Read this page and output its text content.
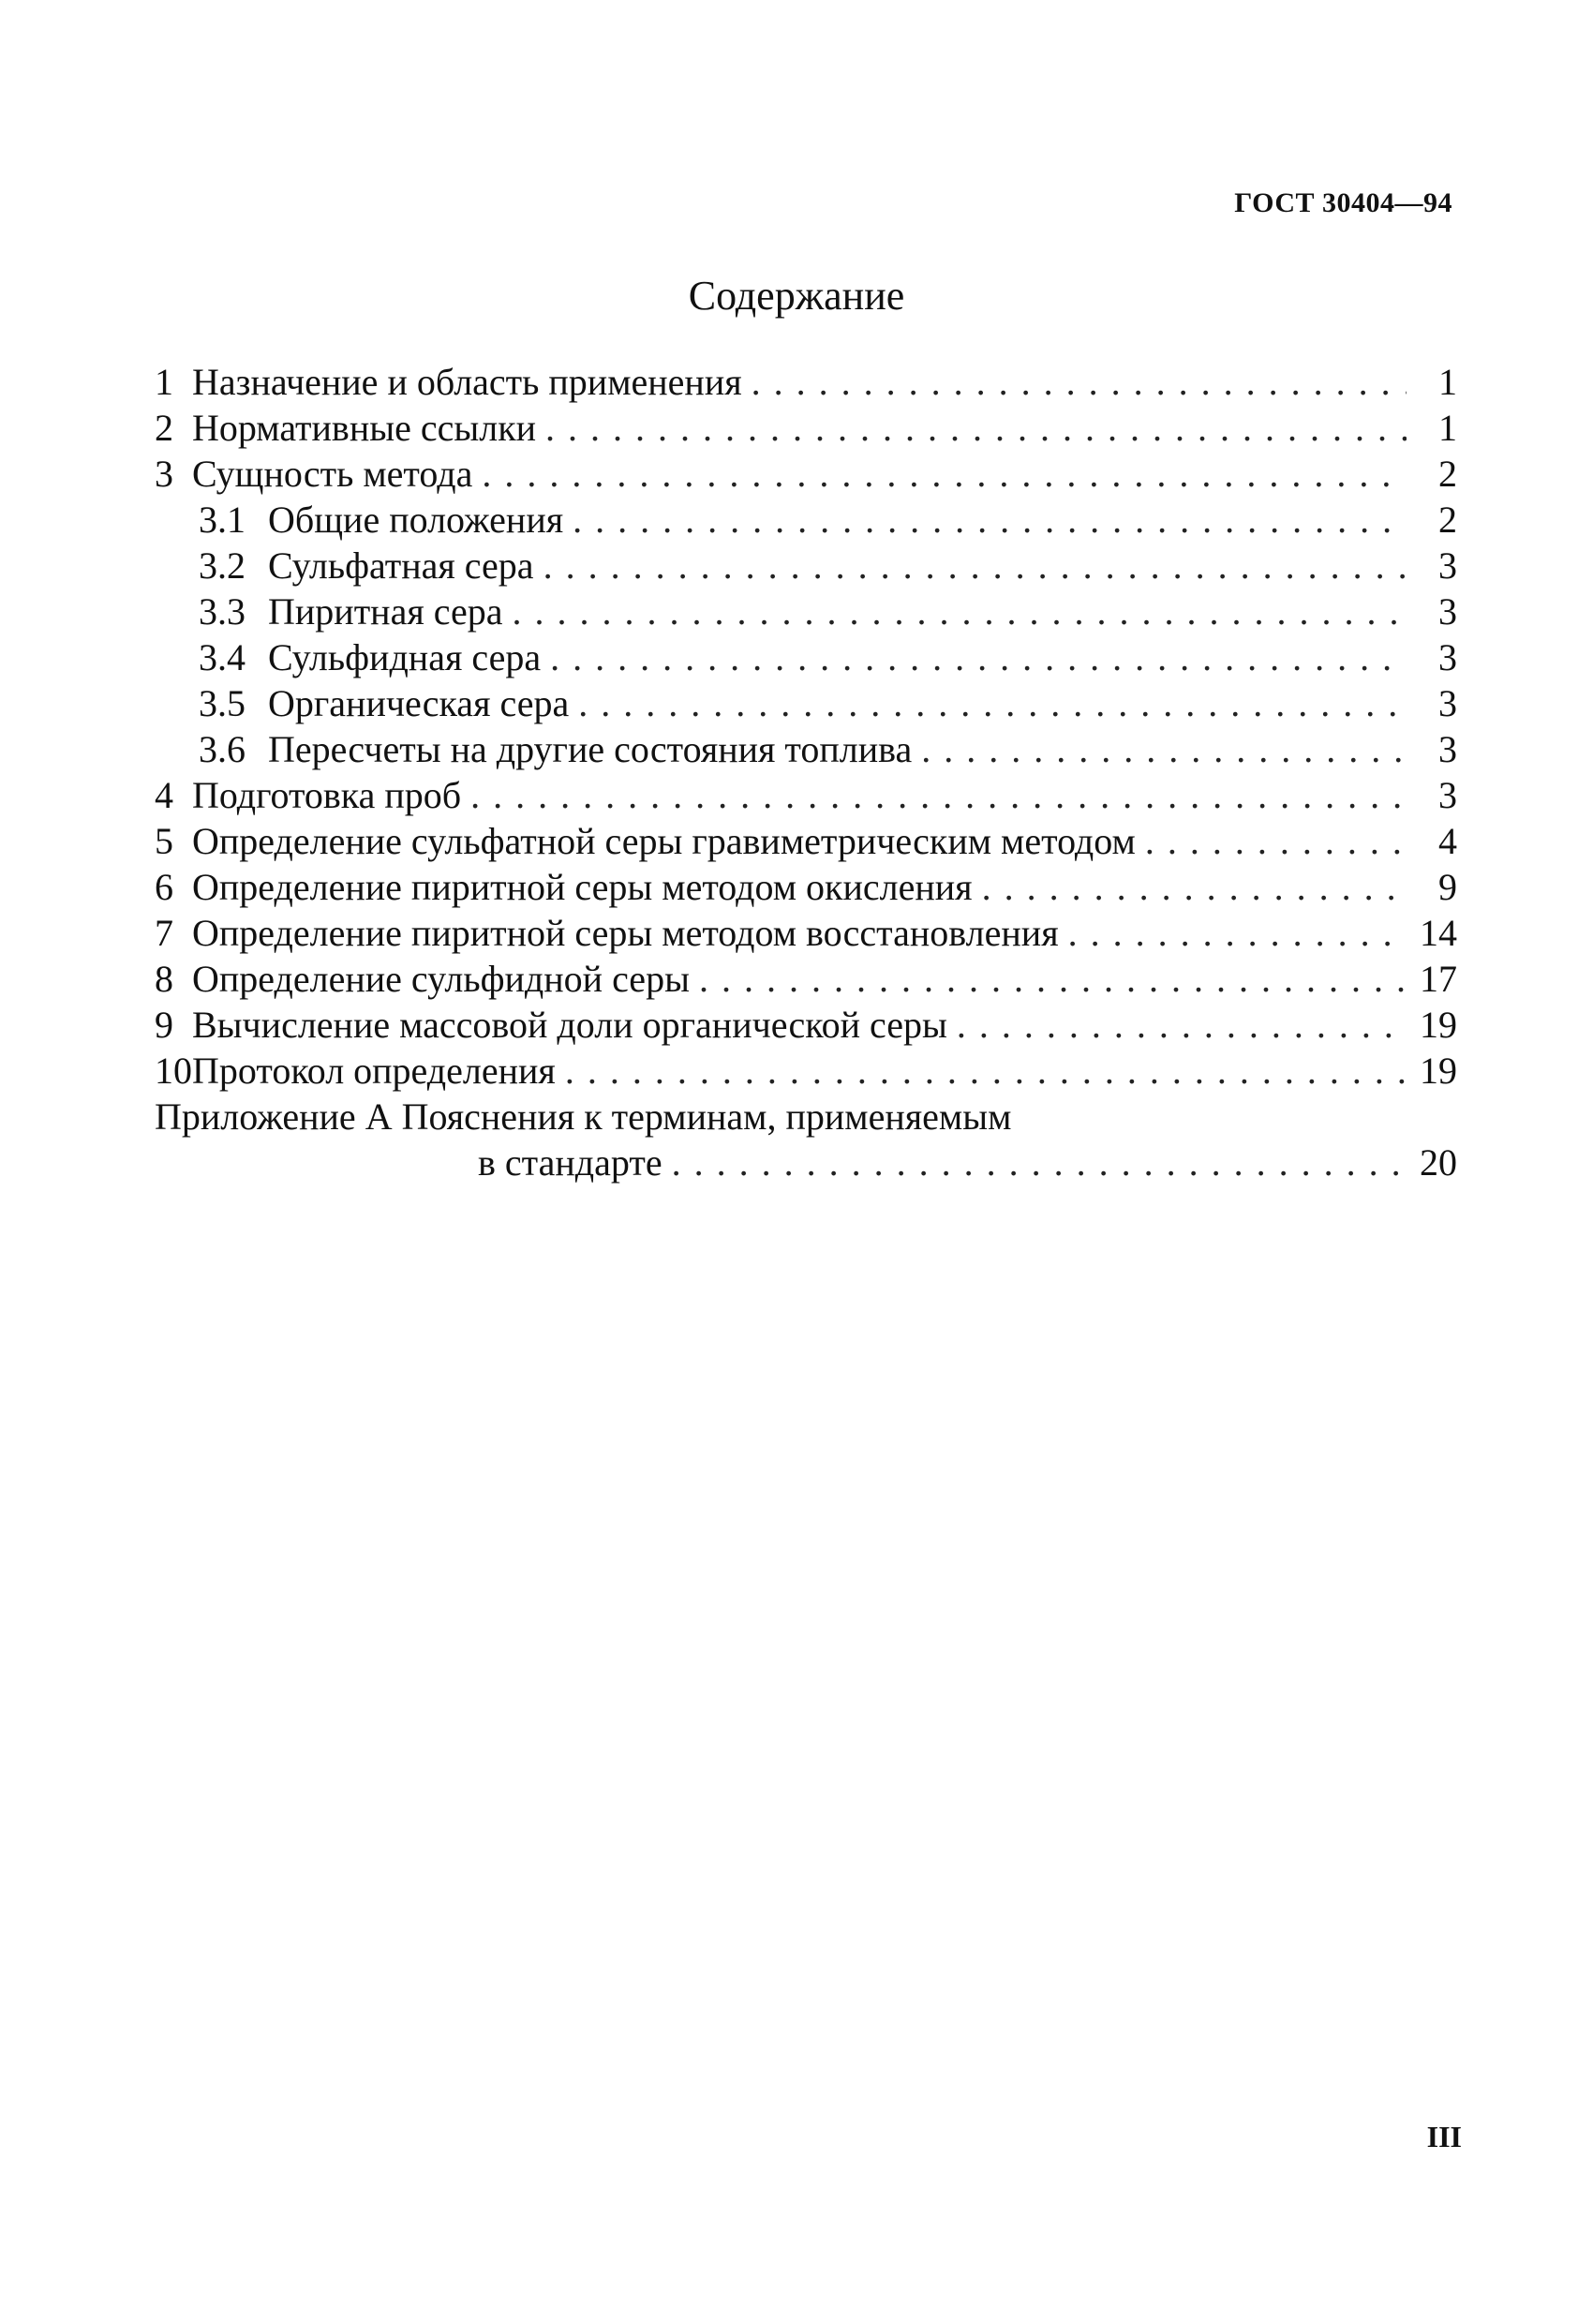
ГОСТ 30404—94
Содержание
1 Назначение и область применения . . .	1
2 Нормативные ссылки . . .	1
3 Сущность метода . . .	2
3.1 Общие положения . . .	2
3.2 Сульфатная сера . . .	3
3.3 Пиритная сера . . .	3
3.4 Сульфидная сера . . .	3
3.5 Органическая сера . . .	3
3.6 Пересчеты на другие состояния топлива . . .	3
4 Подготовка проб . . .	3
5 Определение сульфатной серы гравиметрическим методом . . .	4
6 Определение пиритной серы методом окисления . . .	9
7 Определение пиритной серы методом восстановления . . .	14
8 Определение сульфидной серы . . .	17
9 Вычисление массовой доли органической серы . . .	19
10 Протокол определения . . .	19
Приложение А Пояснения к терминам, применяемым
в стандарте . . .	20
III
